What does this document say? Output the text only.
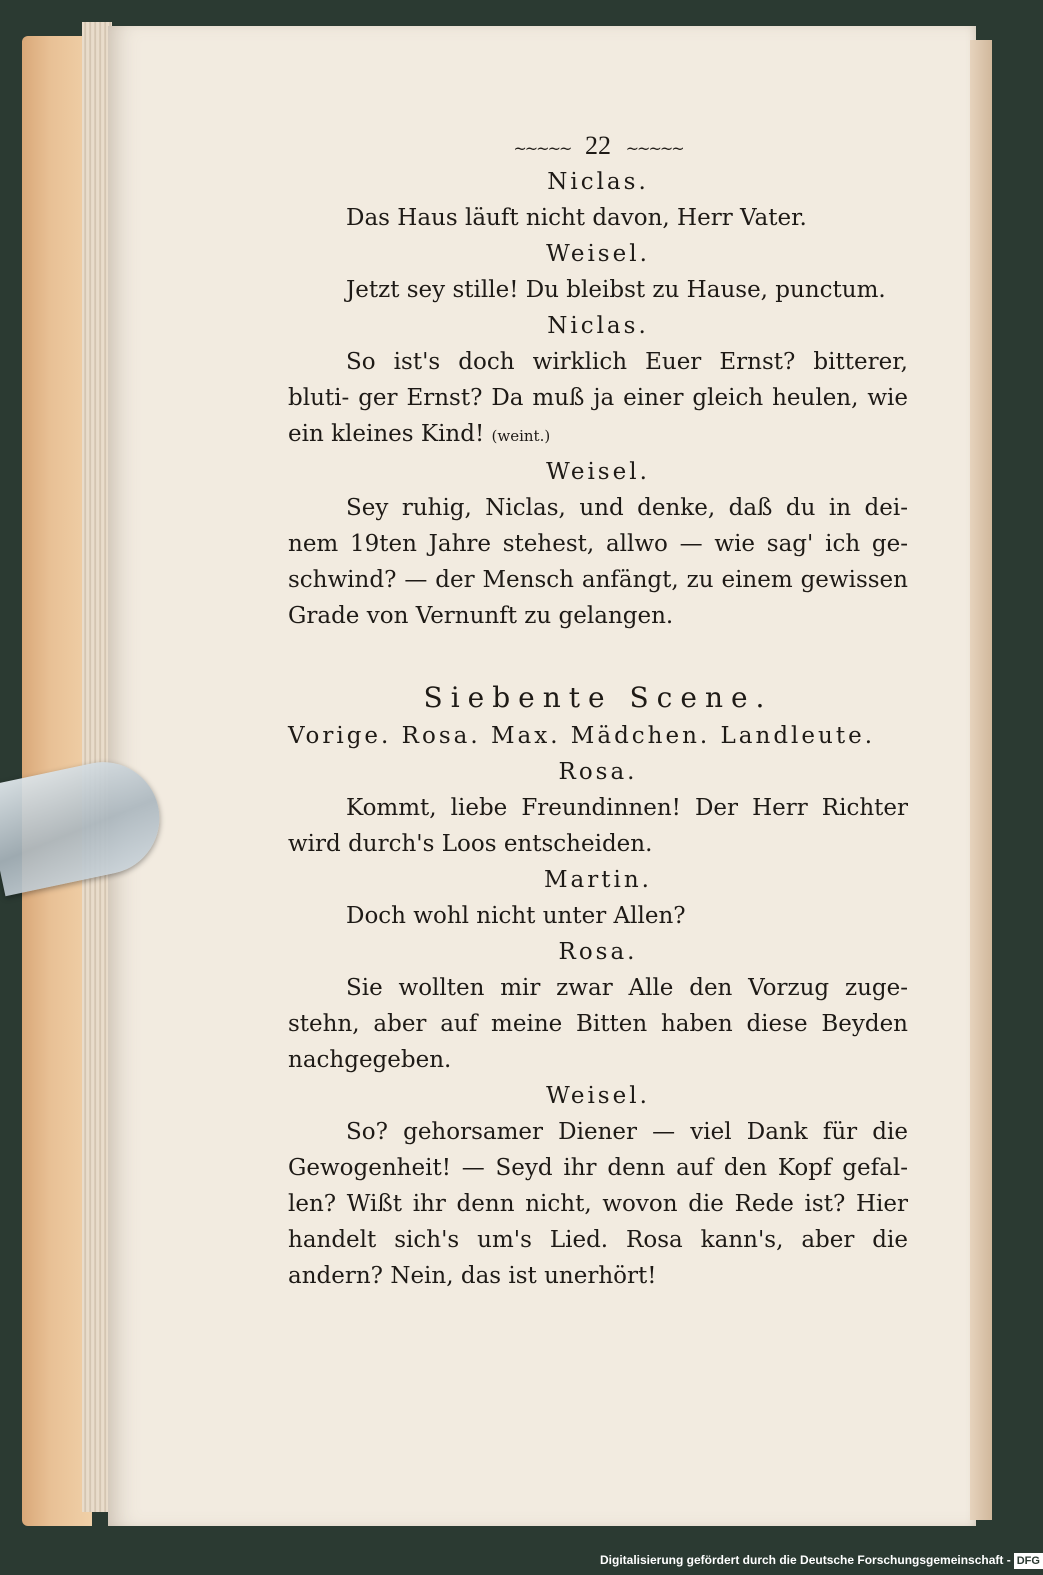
~~~~~ 22 ~~~~~
Niclas.

Das Haus läuft nicht davon, Herr Vater.

Weisel.

Jetzt sey stille! Du bleibst zu Hause, punctum.

Niclas.

So ist's doch wirklich Euer Ernst? bitterer, bluti- ger Ernst? Da muß ja einer gleich heulen, wie ein kleines Kind! (weint.)

Weisel.

Sey ruhig, Niclas, und denke, daß du in dei- nem 19ten Jahre stehest, allwo — wie sag' ich ge- schwind? — der Mensch anfängt, zu einem gewissen Grade von Vernunft zu gelangen.

Siebente Scene.
Vorige. Rosa. Max. Mädchen. Landleute.
Rosa.

Kommt, liebe Freundinnen! Der Herr Richter wird durch's Loos entscheiden.

Martin.

Doch wohl nicht unter Allen?

Rosa.

Sie wollten mir zwar Alle den Vorzug zuge- stehn, aber auf meine Bitten haben diese Beyden nachgegeben.

Weisel.

So? gehorsamer Diener — viel Dank für die Gewogenheit! — Seyd ihr denn auf den Kopf gefal- len? Wißt ihr denn nicht, wovon die Rede ist? Hier handelt sich's um's Lied. Rosa kann's, aber die andern? Nein, das ist unerhört!

Digitalisierung gefördert durch die Deutsche Forschungsgemeinschaft - DFG
